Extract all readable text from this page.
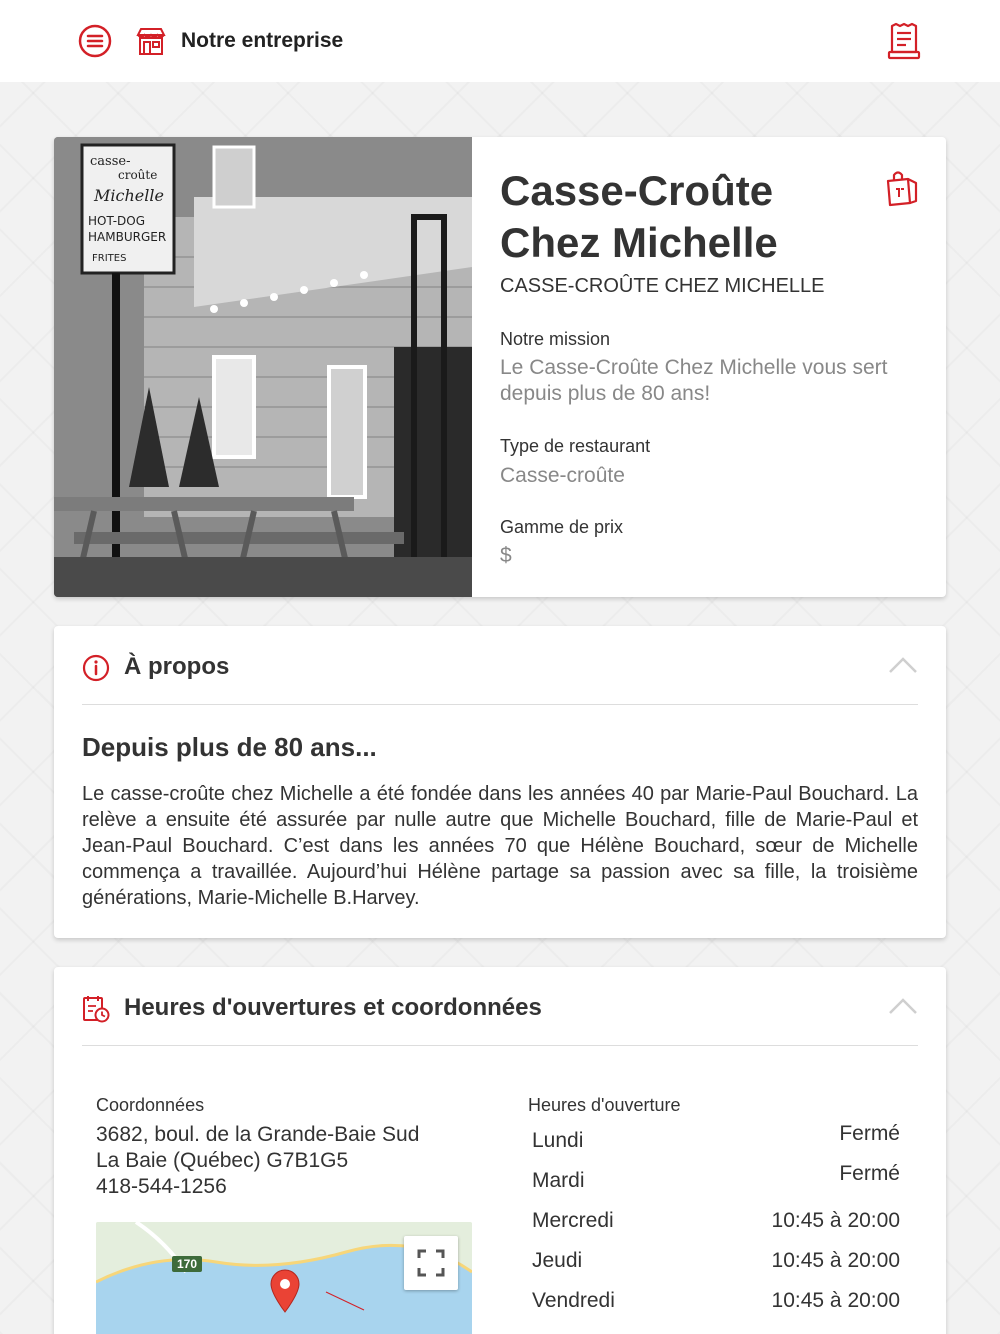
Notre entreprise
casse-
croûte
Michelle
HOT-DOG
HAMBURGER
FRITES
Casse-Croûte Chez Michelle
CASSE-CROÛTE CHEZ MICHELLE
Notre mission
Le Casse-Croûte Chez Michelle vous sert depuis plus de 80 ans!
Type de restaurant
Casse-croûte
Gamme de prix
$
À propos
Depuis plus de 80 ans...
Le casse-croûte chez Michelle a été fondée dans les années 40 par Marie-Paul Bouchard. La relève a ensuite été assurée par nulle autre que Michelle Bouchard, fille de Marie-Paul et Jean-Paul Bouchard. C’est dans les années 70 que Hélène Bouchard, sœur de Michelle commença a travaillée. Aujourd’hui Hélène partage sa passion avec sa fille, la troisième générations, Marie-Michelle B.Harvey.
Heures d'ouvertures et coordonnées
Coordonnées
3682, boul. de la Grande-Baie Sud
La Baie (Québec) G7B1G5
418-544-1256
170
Heures d'ouverture
Lundi	Fermé
Mardi	Fermé
Mercredi	10:45 à 20:00
Jeudi	10:45 à 20:00
Vendredi	10:45 à 20:00
